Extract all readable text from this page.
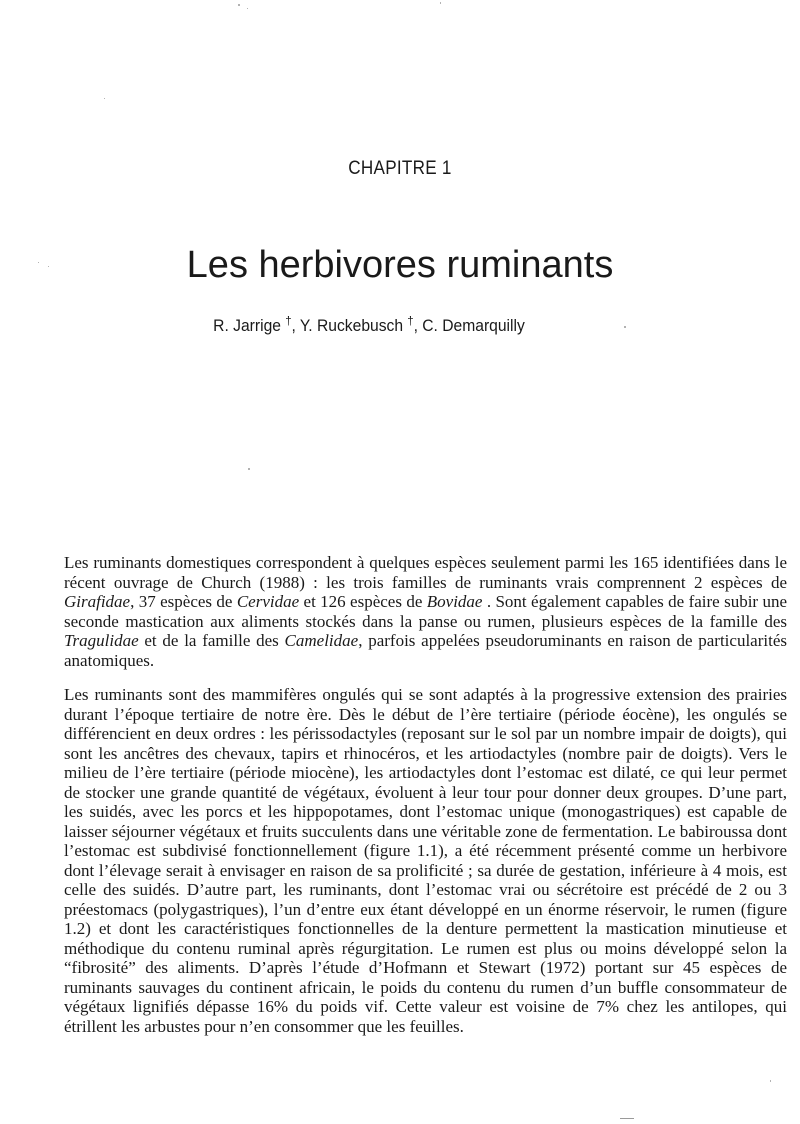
CHAPITRE 1
Les herbivores ruminants
R. Jarrige †, Y. Ruckebusch †, C. Demarquilly

Les ruminants domestiques correspondent à quelques espèces seulement parmi les 165 identifiées dans le récent ouvrage de Church (1988) : les trois familles de ruminants vrais comprennent 2 espèces de Girafidae, 37 espèces de Cervidae et 126 espèces de Bovidae . Sont également capables de faire subir une seconde mastication aux aliments stockés dans la panse ou rumen, plusieurs espèces de la famille des Tragulidae et de la famille des Camelidae, parfois appelées pseudoruminants en raison de particularités anatomiques.

Les ruminants sont des mammifères ongulés qui se sont adaptés à la progressive extension des prairies durant l’époque tertiaire de notre ère. Dès le début de l’ère tertiaire (période éocène), les ongulés se différencient en deux ordres : les périssodactyles (reposant sur le sol par un nombre impair de doigts), qui sont les ancêtres des chevaux, tapirs et rhinocéros, et les artiodactyles (nombre pair de doigts). Vers le milieu de l’ère tertiaire (période miocène), les artiodactyles dont l’estomac est dilaté, ce qui leur permet de stocker une grande quantité de végétaux, évoluent à leur tour pour donner deux groupes. D’une part, les suidés, avec les porcs et les hippopotames, dont l’estomac unique (monogastriques) est capable de laisser séjourner végétaux et fruits succulents dans une véritable zone de fermentation. Le babiroussa dont l’estomac est subdivisé fonctionnellement (figure 1.1), a été récemment présenté comme un herbivore dont l’élevage serait à envisager en raison de sa prolificité ; sa durée de gestation, inférieure à 4 mois, est celle des suidés. D’autre part, les ruminants, dont l’estomac vrai ou sécrétoire est précédé de 2 ou 3 préestomacs (polygastriques), l’un d’entre eux étant développé en un énorme réservoir, le rumen (figure 1.2) et dont les caractéristiques fonctionnelles de la denture permettent la mastication minutieuse et méthodique du contenu ruminal après régurgitation. Le rumen est plus ou moins développé selon la “fibrosité” des aliments. D’après l’étude d’Hofmann et Stewart (1972) portant sur 45 espèces de ruminants sauvages du continent africain, le poids du contenu du rumen d’un buffle consommateur de végétaux lignifiés dépasse 16% du poids vif. Cette valeur est voisine de 7% chez les antilopes, qui étrillent les arbustes pour n’en consommer que les feuilles.
